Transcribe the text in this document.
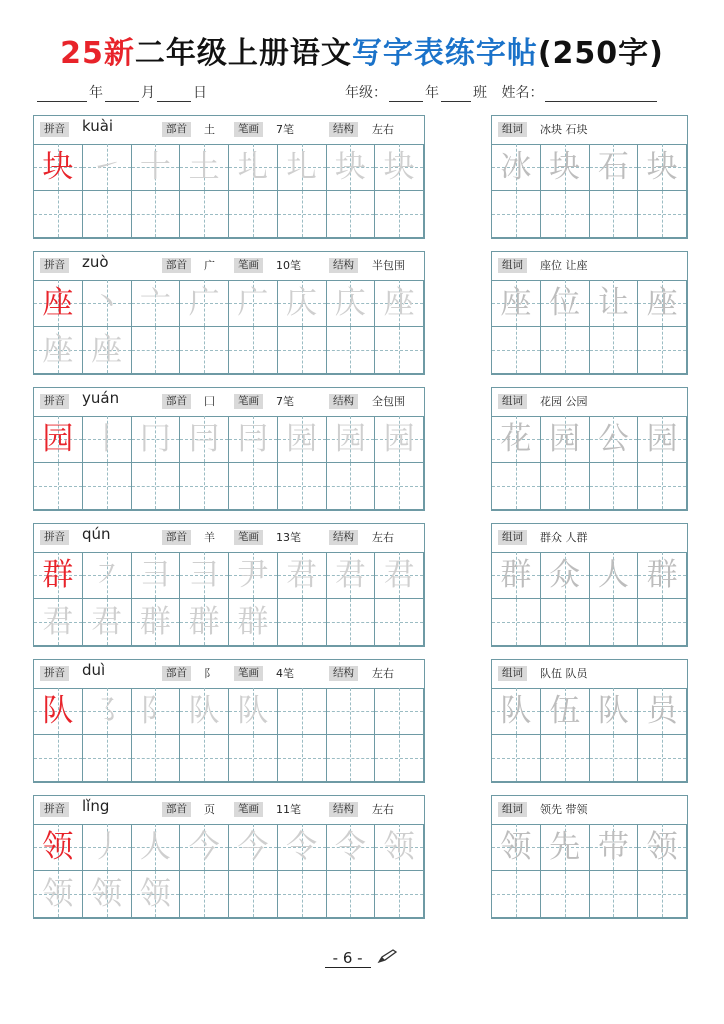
25新二年级上册语文写字表练字帖(250字)
年	月	日	年级：	年 班 姓名：
拼音 kuài	部首	土	笔画	7笔	结构	左右
块 ㇀ 十 土 圠 圠 块 块
组词	冰块 石块
冰 块 石 块
拼音 zuò	部首	广	笔画	10笔	结构	半包围
座 丶 亠 广 广 庂 庂 座
座 座
组词	座位 让座
座 位 让 座
拼音 yuán	部首	囗	笔画	7笔	结构	全包围
园 丨 冂 冃 冃 园 园 园
组词	花园 公园
花 园 公 园
拼音 qún	部首	羊	笔画	13笔	结构	左右
群 ㇇ 彐 彐 尹 君 君 君
君 君 群 群 群
组词	群众 人群
群 众 人 群
拼音 duì	部首	阝	笔画	4笔	结构	左右
队 ㇌ 阝 队 队
组词	队伍 队员
队 伍 队 员
拼音 lǐng	部首	页	笔画	11笔	结构	左右
领 丿 人 今 今 令 令 领
领 领 领
组词	领先 带领
领 先 带 领
- 6 -
